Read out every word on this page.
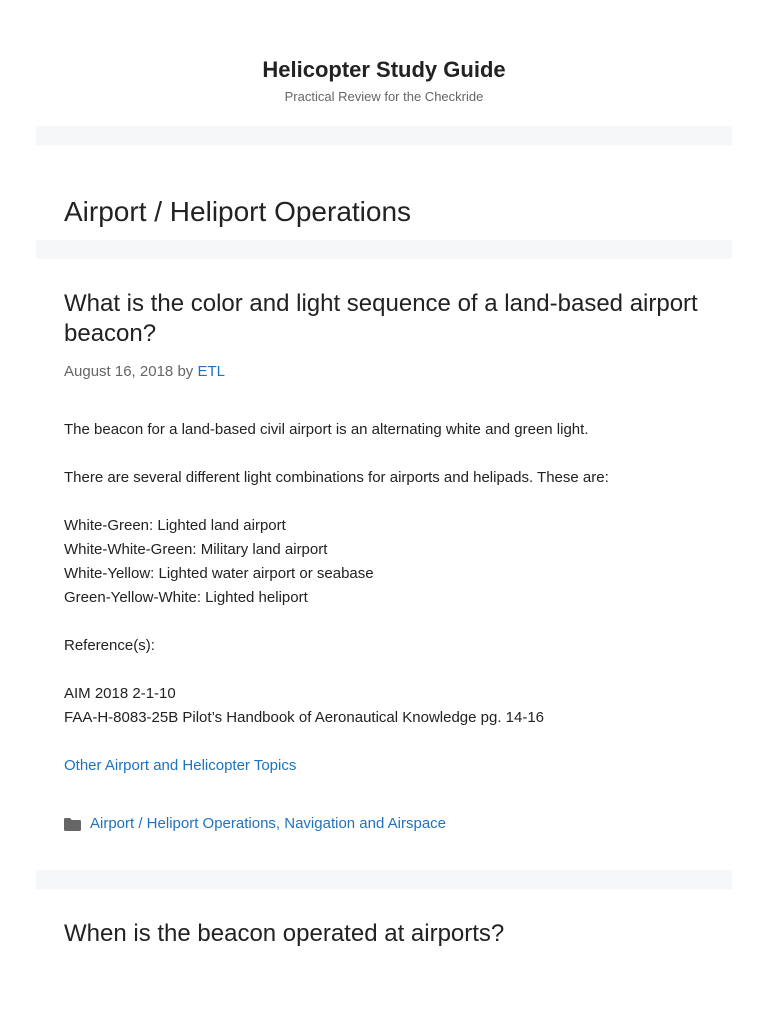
Helicopter Study Guide
Practical Review for the Checkride
Airport / Heliport Operations
What is the color and light sequence of a land-based airport beacon?
August 16, 2018 by ETL

The beacon for a land-based civil airport is an alternating white and green light.

There are several different light combinations for airports and helipads. These are:

White-Green: Lighted land airport
White-White-Green: Military land airport
White-Yellow: Lighted water airport or seabase
Green-Yellow-White: Lighted heliport

Reference(s):

AIM 2018 2-1-10
FAA-H-8083-25B Pilot’s Handbook of Aeronautical Knowledge pg. 14-16

Other Airport and Helicopter Topics

Airport / Heliport Operations, Navigation and Airspace
When is the beacon operated at airports?
